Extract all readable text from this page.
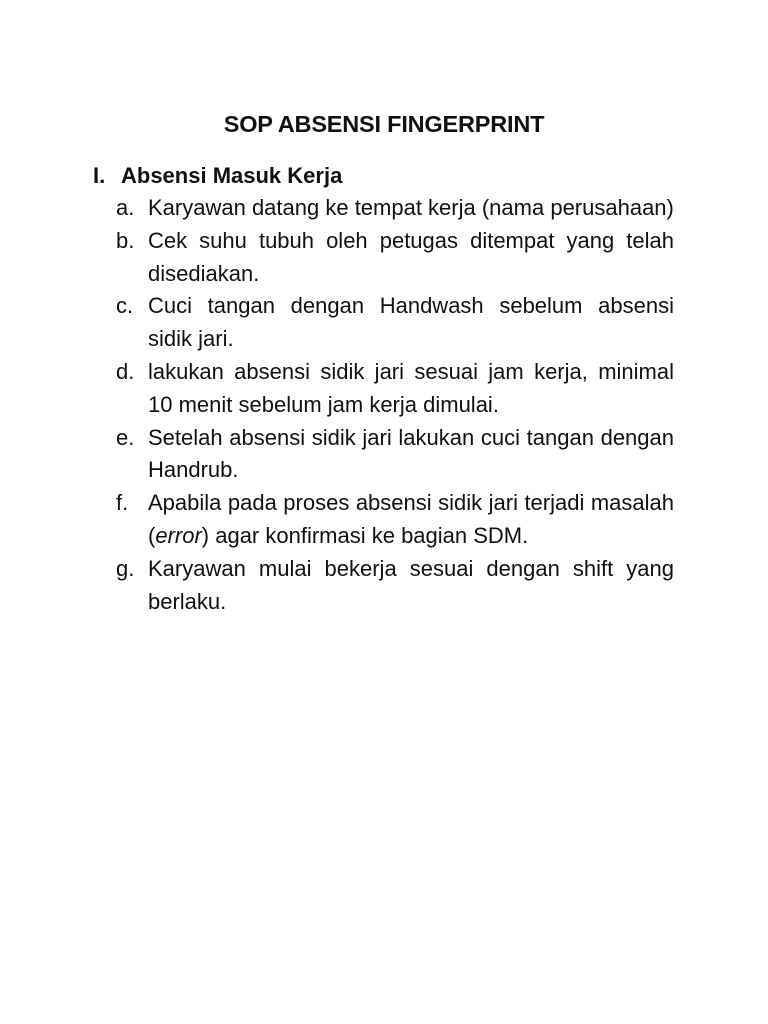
SOP ABSENSI FINGERPRINT
I. Absensi Masuk Kerja
a. Karyawan datang ke tempat kerja (nama perusahaan)
b. Cek suhu tubuh oleh petugas ditempat yang telah disediakan.
c. Cuci tangan dengan Handwash sebelum absensi sidik jari.
d. lakukan absensi sidik jari sesuai jam kerja, minimal 10 menit sebelum jam kerja dimulai.
e. Setelah absensi sidik jari lakukan cuci tangan dengan Handrub.
f. Apabila pada proses absensi sidik jari terjadi masalah (error) agar konfirmasi ke bagian SDM.
g. Karyawan mulai bekerja sesuai dengan shift yang berlaku.
